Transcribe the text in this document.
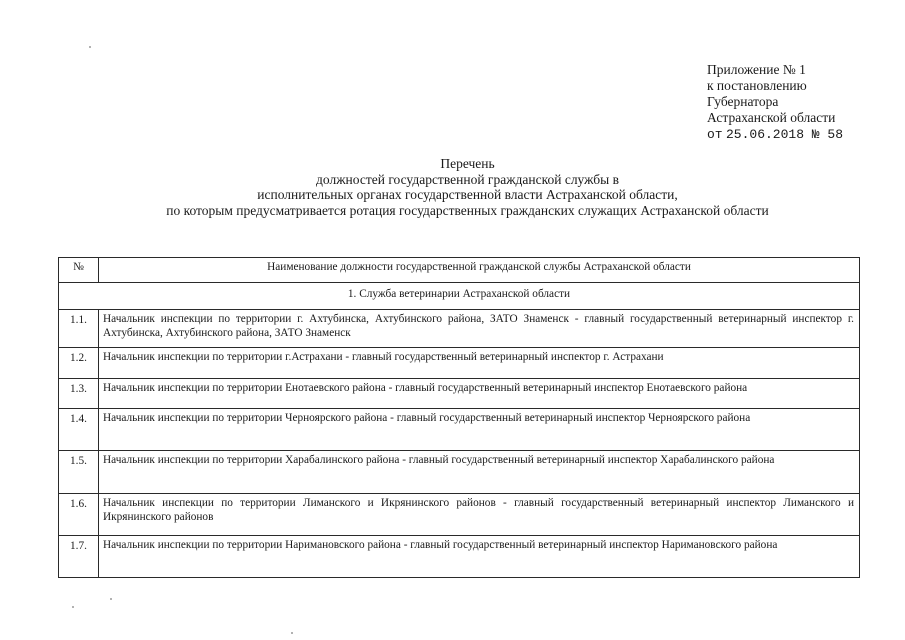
Приложение № 1
к постановлению
Губернатора
Астраханской области
от 25.06.2018 № 58
Перечень
должностей государственной гражданской службы в
исполнительных органах государственной власти Астраханской области,
по которым предусматривается ротация государственных гражданских служащих Астраханской области
№	Наименование должности государственной гражданской службы Астраханской области
1. Служба ветеринарии Астраханской области	
1.1.	Начальник инспекции по территории г. Ахтубинска, Ахтубинского района, ЗАТО Знаменск - главный государственный ветеринарный инспектор г. Ахтубинска, Ахтубинского района, ЗАТО Знаменск
1.2.	Начальник инспекции по территории г.Астрахани - главный государственный ветеринарный инспектор г. Астрахани
1.3.	Начальник инспекции по территории Енотаевского района - главный государственный ветеринарный инспектор Енотаевского района
1.4.	Начальник инспекции по территории Черноярского района - главный государственный ветеринарный инспектор Черноярского района
1.5.	Начальник инспекции по территории Харабалинского района - главный государственный ветеринарный инспектор Харабалинского района
1.6.	Начальник инспекции по территории Лиманского и Икрянинского районов - главный государственный ветеринарный инспектор Лиманского и Икрянинского районов
1.7.	Начальник инспекции по территории Наримановского района - главный государственный ветеринарный инспектор Наримановского района
